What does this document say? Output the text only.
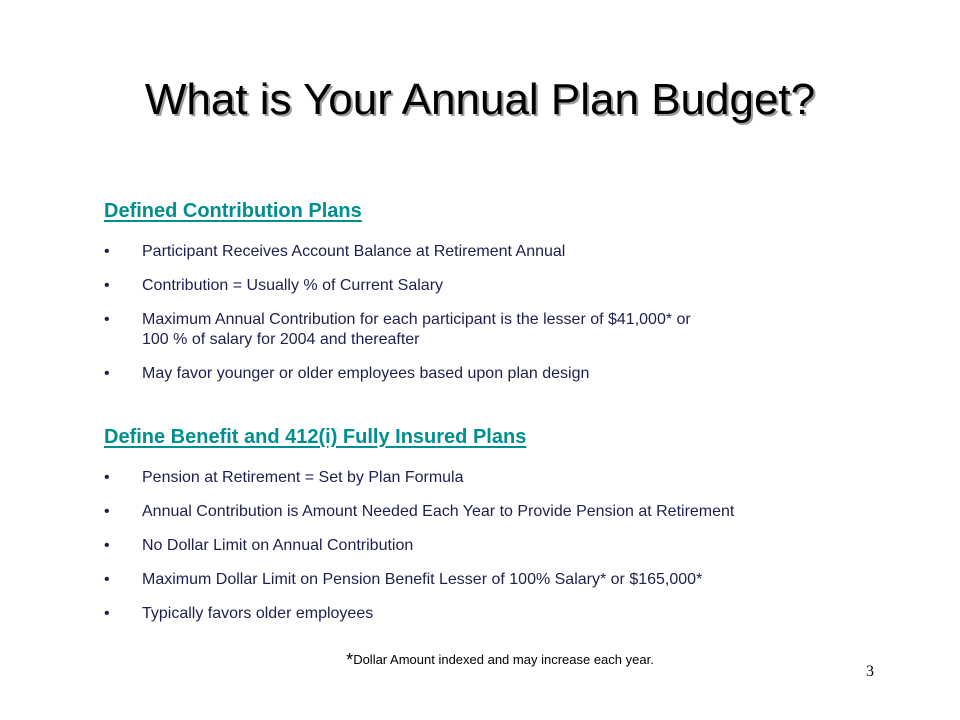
What is Your Annual Plan Budget?
Defined Contribution Plans
• Participant Receives Account Balance at Retirement Annual
• Contribution = Usually % of Current Salary
• Maximum Annual Contribution for each participant is the lesser of $41,000* or
100 % of salary for 2004 and thereafter
• May favor younger or older employees based upon plan design
Define Benefit and 412(i) Fully Insured Plans
• Pension at Retirement = Set by Plan Formula
• Annual Contribution is Amount Needed Each Year to Provide Pension at Retirement
• No Dollar Limit on Annual Contribution
• Maximum Dollar Limit on Pension Benefit Lesser of 100% Salary* or $165,000*
• Typically favors older employees
*Dollar Amount indexed and may increase each year.
3
